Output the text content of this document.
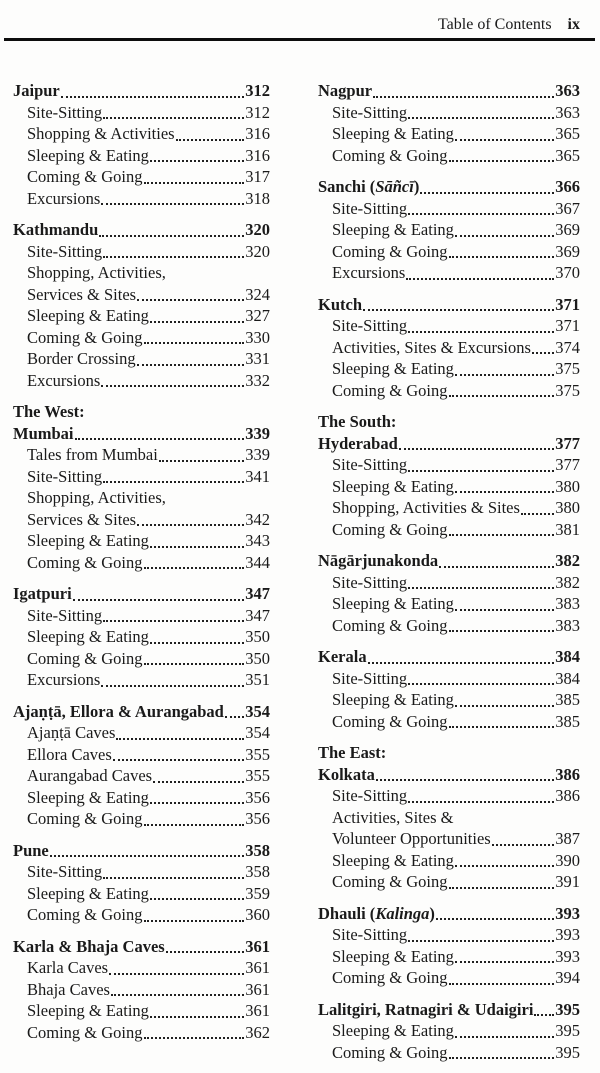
Table of Contents ix
Jaipur	312
Site-Sitting	312
Shopping & Activities	316
Sleeping & Eating	316
Coming & Going	317
Excursions	318
Kathmandu	320
Site-Sitting	320
Shopping, Activities,
Services & Sites	324
Sleeping & Eating	327
Coming & Going	330
Border Crossing	331
Excursions	332
The West:
Mumbai	339
Tales from Mumbai	339
Site-Sitting	341
Shopping, Activities,
Services & Sites	342
Sleeping & Eating	343
Coming & Going	344
Igatpuri	347
Site-Sitting	347
Sleeping & Eating	350
Coming & Going	350
Excursions	351
Ajaṇṭā, Ellora & Aurangabad 354
Ajaṇṭā Caves	354
Ellora Caves	355
Aurangabad Caves	355
Sleeping & Eating	356
Coming & Going	356
Pune	358
Site-Sitting	358
Sleeping & Eating	359
Coming & Going	360
Karla & Bhaja Caves	361
Karla Caves	361
Bhaja Caves	361
Sleeping & Eating	361
Coming & Going	362
Nagpur	363
Site-Sitting	363
Sleeping & Eating	365
Coming & Going	365
Sanchi (Sāñcī)	366
Site-Sitting	367
Sleeping & Eating	369
Coming & Going	369
Excursions	370
Kutch	371
Site-Sitting	371
Activities, Sites & Excursions 374
Sleeping & Eating	375
Coming & Going	375
The South:
Hyderabad	377
Site-Sitting	377
Sleeping & Eating	380
Shopping, Activities & Sites 380
Coming & Going	381
Nāgārjunakonda	382
Site-Sitting	382
Sleeping & Eating	383
Coming & Going	383
Kerala	384
Site-Sitting	384
Sleeping & Eating	385
Coming & Going	385
The East:
Kolkata	386
Site-Sitting	386
Activities, Sites &
Volunteer Opportunities	387
Sleeping & Eating	390
Coming & Going	391
Dhauli (Kalinga)	393
Site-Sitting	393
Sleeping & Eating	393
Coming & Going	394
Lalitgiri, Ratnagiri & Udaigiri 395
Sleeping & Eating	395
Coming & Going	395
